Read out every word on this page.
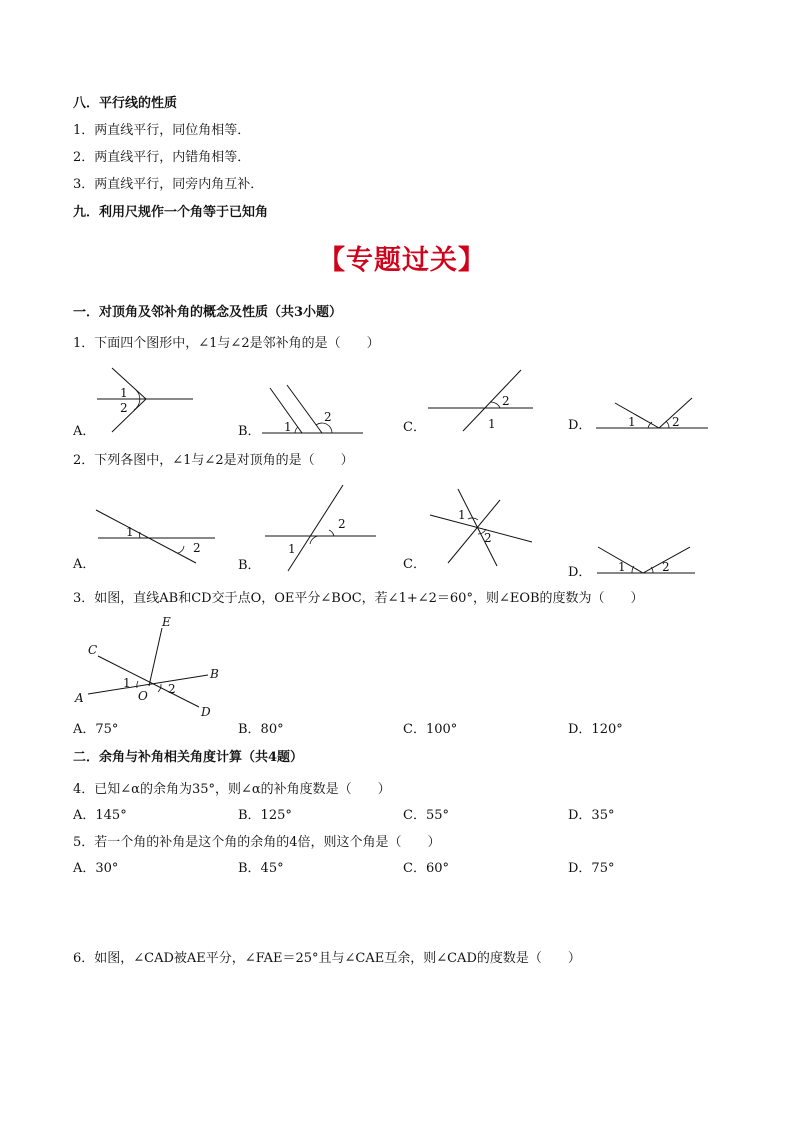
八．平行线的性质
1．两直线平行，同位角相等．
2．两直线平行，内错角相等．
3．两直线平行，同旁内角互补．
九．利用尺规作一个角等于已知角
【专题过关】
一．对顶角及邻补角的概念及性质（共3小题）
1．下面四个图形中，∠1与∠2是邻补角的是（　　）
1
2
1
2
2
1	1	2
A．	B．	C．	D．
2．下列各图中，∠1与∠2是对顶角的是（　　）
1
2	1
2
1
2
1	2
A．	B．	C．
D．
3．如图，直线AB和CD交于点O，OE平分∠BOC，若∠1+∠2＝60°，则∠EOB的度数为（　　）
E
C
B
A
D
O
1	2
A．75°	B．80°	C．100°	D．120°
二．余角与补角相关角度计算（共4题）
4．已知∠α的余角为35°，则∠α的补角度数是（　　）
A．145°	B．125°	C．55°	D．35°
5．若一个角的补角是这个角的余角的4倍，则这个角是（　　）
A．30°	B．45°	C．60°	D．75°
6．如图，∠CAD被AE平分，∠FAE＝25°且与∠CAE互余，则∠CAD的度数是（　　）
